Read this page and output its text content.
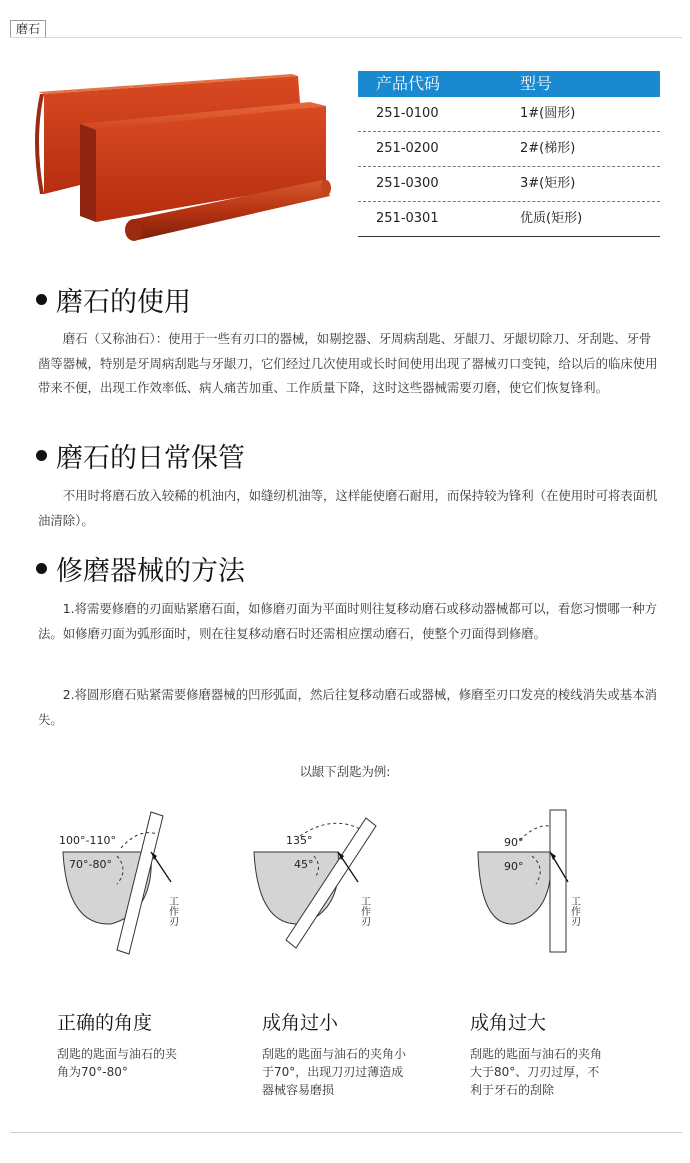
磨石
产品代码	型号
251-0100	1#(圆形)
251-0200	2#(梯形)
251-0300	3#(矩形)
251-0301	优质(矩形)
磨石的使用

磨石（又称油石）：使用于一些有刃口的器械，如剔挖器、牙周病刮匙、牙龈刀、牙龈切除刀、牙刮匙、牙骨凿等器械，特别是牙周病刮匙与牙龈刀，它们经过几次使用或长时间使用出现了器械刃口变钝，给以后的临床使用带来不便，出现工作效率低、病人痛苦加重、工作质量下降，这时这些器械需要刃磨，使它们恢复锋利。

磨石的日常保管

不用时将磨石放入较稀的机油内，如缝纫机油等，这样能使磨石耐用，而保持较为锋利（在使用时可将表面机油清除）。

修磨器械的方法

1.将需要修磨的刃面贴紧磨石面，如修磨刃面为平面时则往复移动磨石或移动器械都可以，看您习惯哪一种方法。如修磨刃面为弧形面时，则在往复移动磨石时还需相应摆动磨石，使整个刃面得到修磨。

2.将圆形磨石贴紧需要修磨器械的凹形弧面，然后往复移动磨石或器械，修磨至刃口发亮的棱线消失或基本消失。

以龈下刮匙为例:
100°-110°
70°-80°
工作刃
135°
45°
工作刃
90°
90°
工作刃
正确的角度	成角过小	成角过大
刮匙的匙面与油石的夹角为70°-80°
刮匙的匙面与油石的夹角小于70°，出现刀刃过薄造成器械容易磨损
刮匙的匙面与油石的夹角大于80°、刀刃过厚，不利于牙石的刮除
